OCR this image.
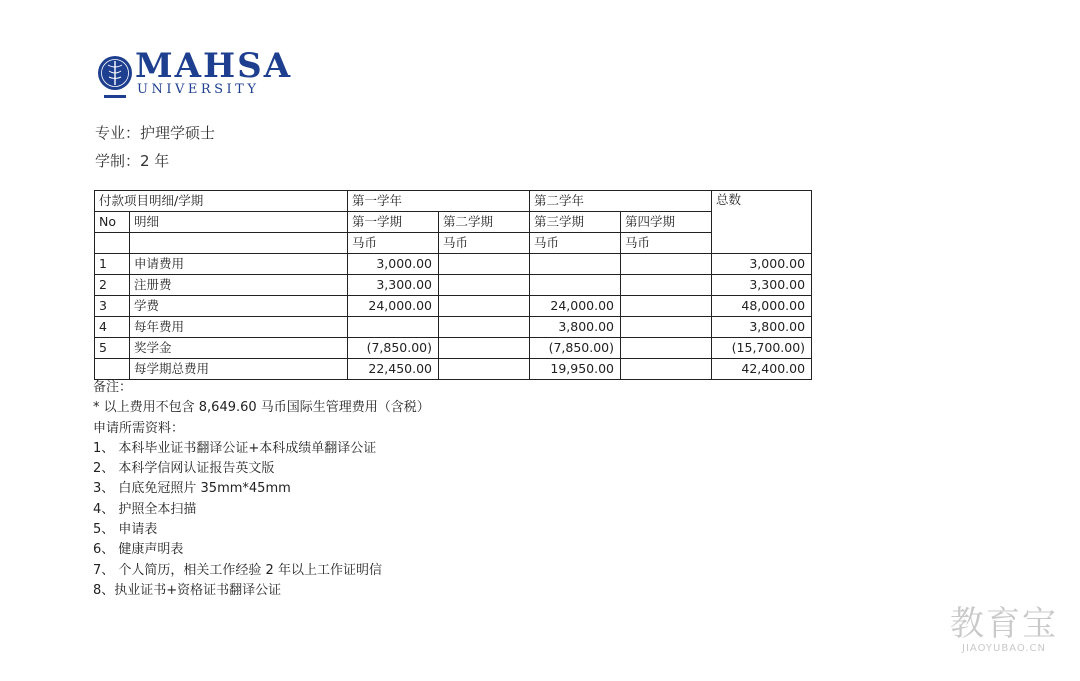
MAHSA
UNIVERSITY
专业：护理学硕士
学制：2 年
付款项目明细/学期		第一学年		第二学年		总数
No	明细	第一学期	第二学期	第三学期	第四学期	
		马币	马币	马币	马币	
1	申请费用	3,000.00				3,000.00
2	注册费	3,300.00				3,300.00
3	学费	24,000.00		24,000.00		48,000.00
4	每年费用			3,800.00		3,800.00
5	奖学金	(7,850.00)		(7,850.00)		(15,700.00)
	每学期总费用	22,450.00		19,950.00		42,400.00
备注：
* 以上费用不包含 8,649.60 马币国际生管理费用（含税）
申请所需资料：
1、 本科毕业证书翻译公证+本科成绩单翻译公证
2、 本科学信网认证报告英文版
3、 白底免冠照片 35mm*45mm
4、 护照全本扫描
5、 申请表
6、 健康声明表
7、 个人简历，相关工作经验 2 年以上工作证明信
8、执业证书+资格证书翻译公证
教育宝
JIAOYUBAO.CN
